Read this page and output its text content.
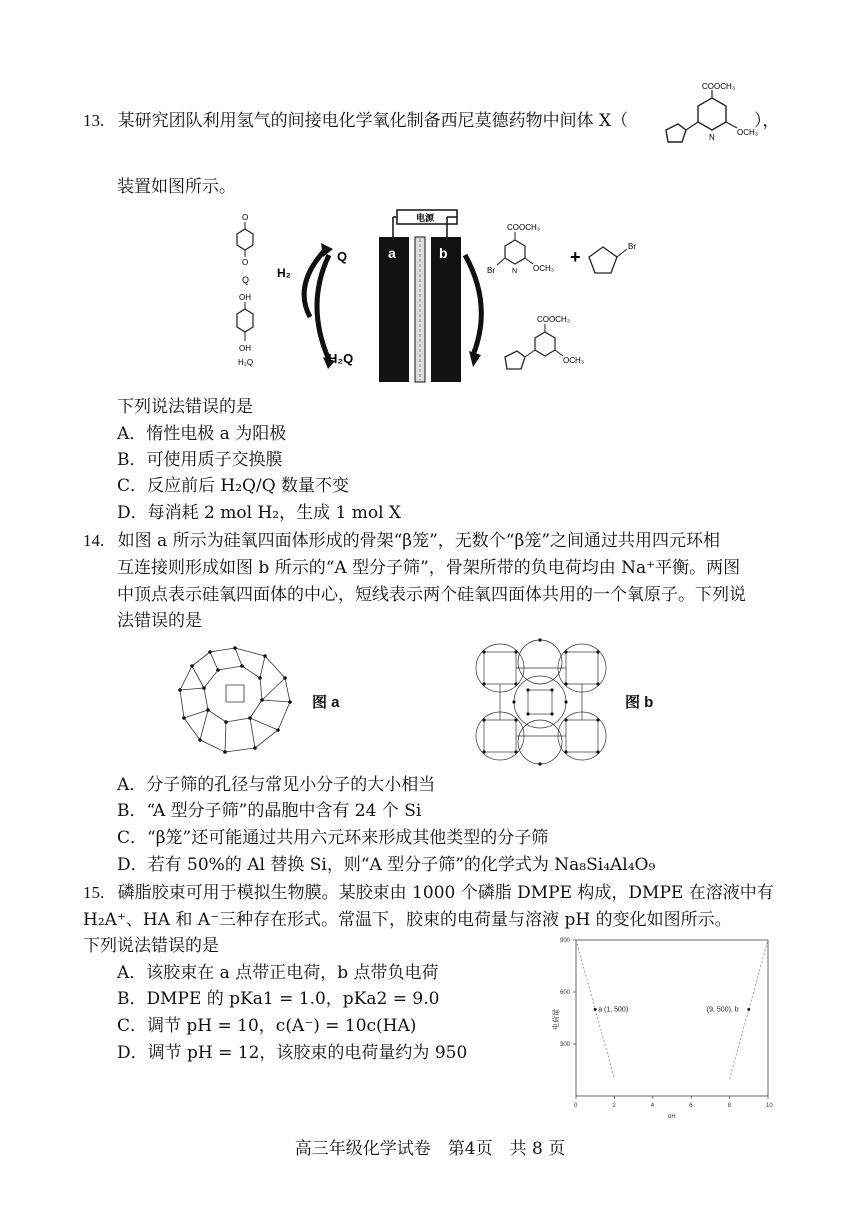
13. 某研究团队利用氢气的间接电化学氧化制备西尼莫德药物中间体 X（	），
COOCH₃
OCH₃
N
装置如图所示。
O
O
Q
OH
OH
H₂Q
H₂
Q
H₂Q
电源
a	b
COOCH₃
N
Br	OCH₃
+
Br
COOCH₃
OCH₃
下列说法错误的是
A．惰性电极 a 为阳极
B．可使用质子交换膜
C．反应前后 H₂Q/Q 数量不变
D．每消耗 2 mol H₂，生成 1 mol X
14. 如图 a 所示为硅氧四面体形成的骨架“β笼”，无数个“β笼”之间通过共用四元环相
互连接则形成如图 b 所示的“A 型分子筛”，骨架所带的负电荷均由 Na⁺平衡。两图
中顶点表示硅氧四面体的中心，短线表示两个硅氧四面体共用的一个氧原子。下列说
法错误的是
图 a	图 b
A．分子筛的孔径与常见小分子的大小相当
B．“A 型分子筛”的晶胞中含有 24 个 Si
C．“β笼”还可能通过共用六元环来形成其他类型的分子筛
D．若有 50%的 Al 替换 Si，则“A 型分子筛”的化学式为 Na₈Si₄Al₄O₉
15. 磷脂胶束可用于模拟生物膜。某胶束由 1000 个磷脂 DMPE 构成，DMPE 在溶液中有
H₂A⁺、HA 和 A⁻三种存在形式。常温下，胶束的电荷量与溶液 pH 的变化如图所示。
下列说法错误的是
A．该胶束在 a 点带正电荷，b 点带负电荷
B．DMPE 的 pKa1 = 1.0，pKa2 = 9.0
C．调节 pH = 10，c(A⁻) = 10c(HA)
D．调节 pH = 12，该胶束的电荷量约为 950
0	2	4	6	8	10
300
600
900
pH
电荷量	a (1, 500)	(9, 500), b
高三年级化学试卷　第4页　共 8 页
